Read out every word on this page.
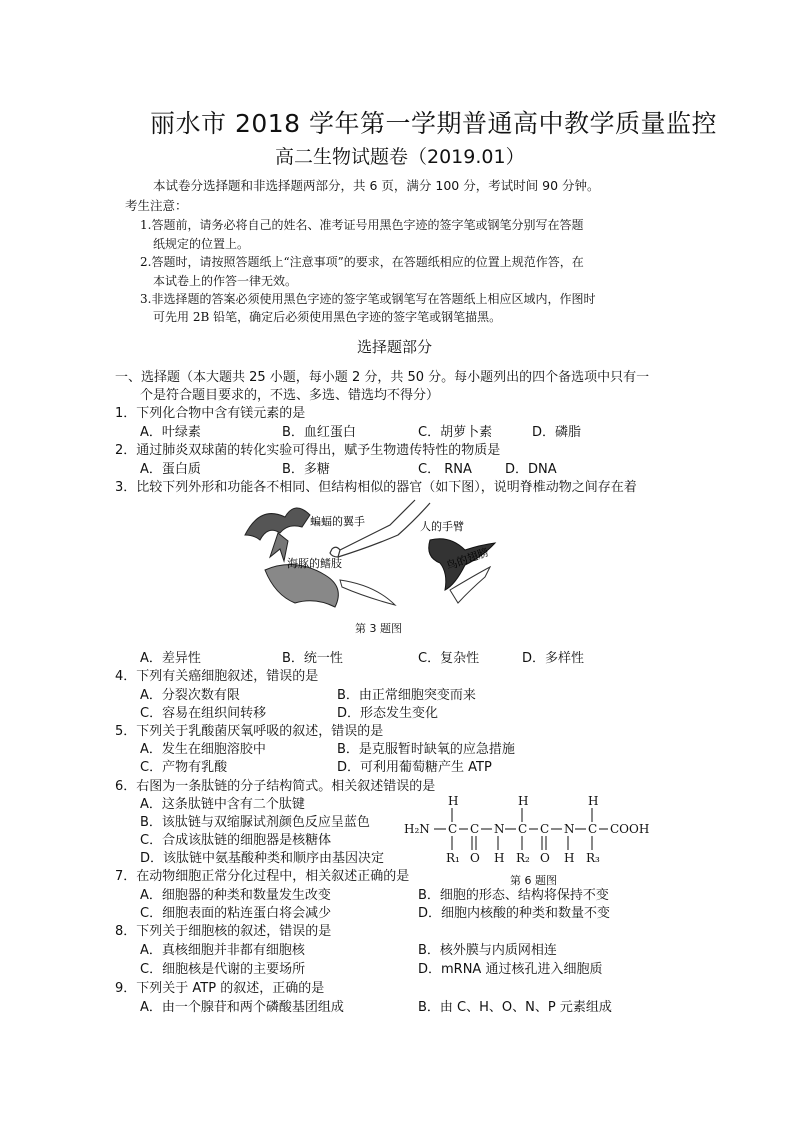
丽水市 2018 学年第一学期普通高中教学质量监控
高二生物试题卷（2019.01）
本试卷分选择题和非选择题两部分，共 6 页，满分 100 分，考试时间 90 分钟。
考生注意：
1.答题前，请务必将自己的姓名、准考证号用黑色字迹的签字笔或钢笔分别写在答题
纸规定的位置上。
2.答题时，请按照答题纸上“注意事项”的要求，在答题纸相应的位置上规范作答，在
本试卷上的作答一律无效。
3.非选择题的答案必须使用黑色字迹的签字笔或钢笔写在答题纸上相应区域内，作图时
可先用 2B 铅笔，确定后必须使用黑色字迹的签字笔或钢笔描黑。
选择题部分
一、选择题（本大题共 25 小题，每小题 2 分，共 50 分。每小题列出的四个备选项中只有一
个是符合题目要求的，不选、多选、错选均不得分）
1．下列化合物中含有镁元素的是
A．叶绿素	B．血红蛋白	C．胡萝卜素	D．磷脂
2．通过肺炎双球菌的转化实验可得出，赋予生物遗传特性的物质是
A．蛋白质	B．多糖	C． RNA	D．DNA
3．比较下列外形和功能各不相同、但结构相似的器官（如下图），说明脊椎动物之间存在着
蝙蝠的翼手	人的手臂
海豚的鳍肢	鸟的翅膀
第 3 题图
A．差异性	B．统一性	C．复杂性	D．多样性
4．下列有关癌细胞叙述，错误的是
A．分裂次数有限	B．由正常细胞突变而来
C．容易在组织间转移	D．形态发生变化
5．下列关于乳酸菌厌氧呼吸的叙述，错误的是
A．发生在细胞溶胶中	B．是克服暂时缺氧的应急措施
C．产物有乳酸	D．可利用葡萄糖产生 ATP
6．右图为一条肽链的分子结构简式。相关叙述错误的是
A．这条肽链中含有二个肽键
B．该肽链与双缩脲试剂颜色反应呈蓝色
C．合成该肽链的细胞器是核糖体
D．该肽链中氨基酸种类和顺序由基因决定
H	H	H
H₂N C C N C C N C COOH
R₁ O H R₂ O H R₃
第 6 题图
7．在动物细胞正常分化过程中，相关叙述正确的是
A．细胞器的种类和数量发生改变	B．细胞的形态、结构将保持不变
C．细胞表面的粘连蛋白将会减少	D．细胞内核酸的种类和数量不变
8．下列关于细胞核的叙述，错误的是
A．真核细胞并非都有细胞核	B．核外膜与内质网相连
C．细胞核是代谢的主要场所	D．mRNA 通过核孔进入细胞质
9．下列关于 ATP 的叙述，正确的是
A．由一个腺苷和两个磷酸基团组成	B．由 C、H、O、N、P 元素组成
